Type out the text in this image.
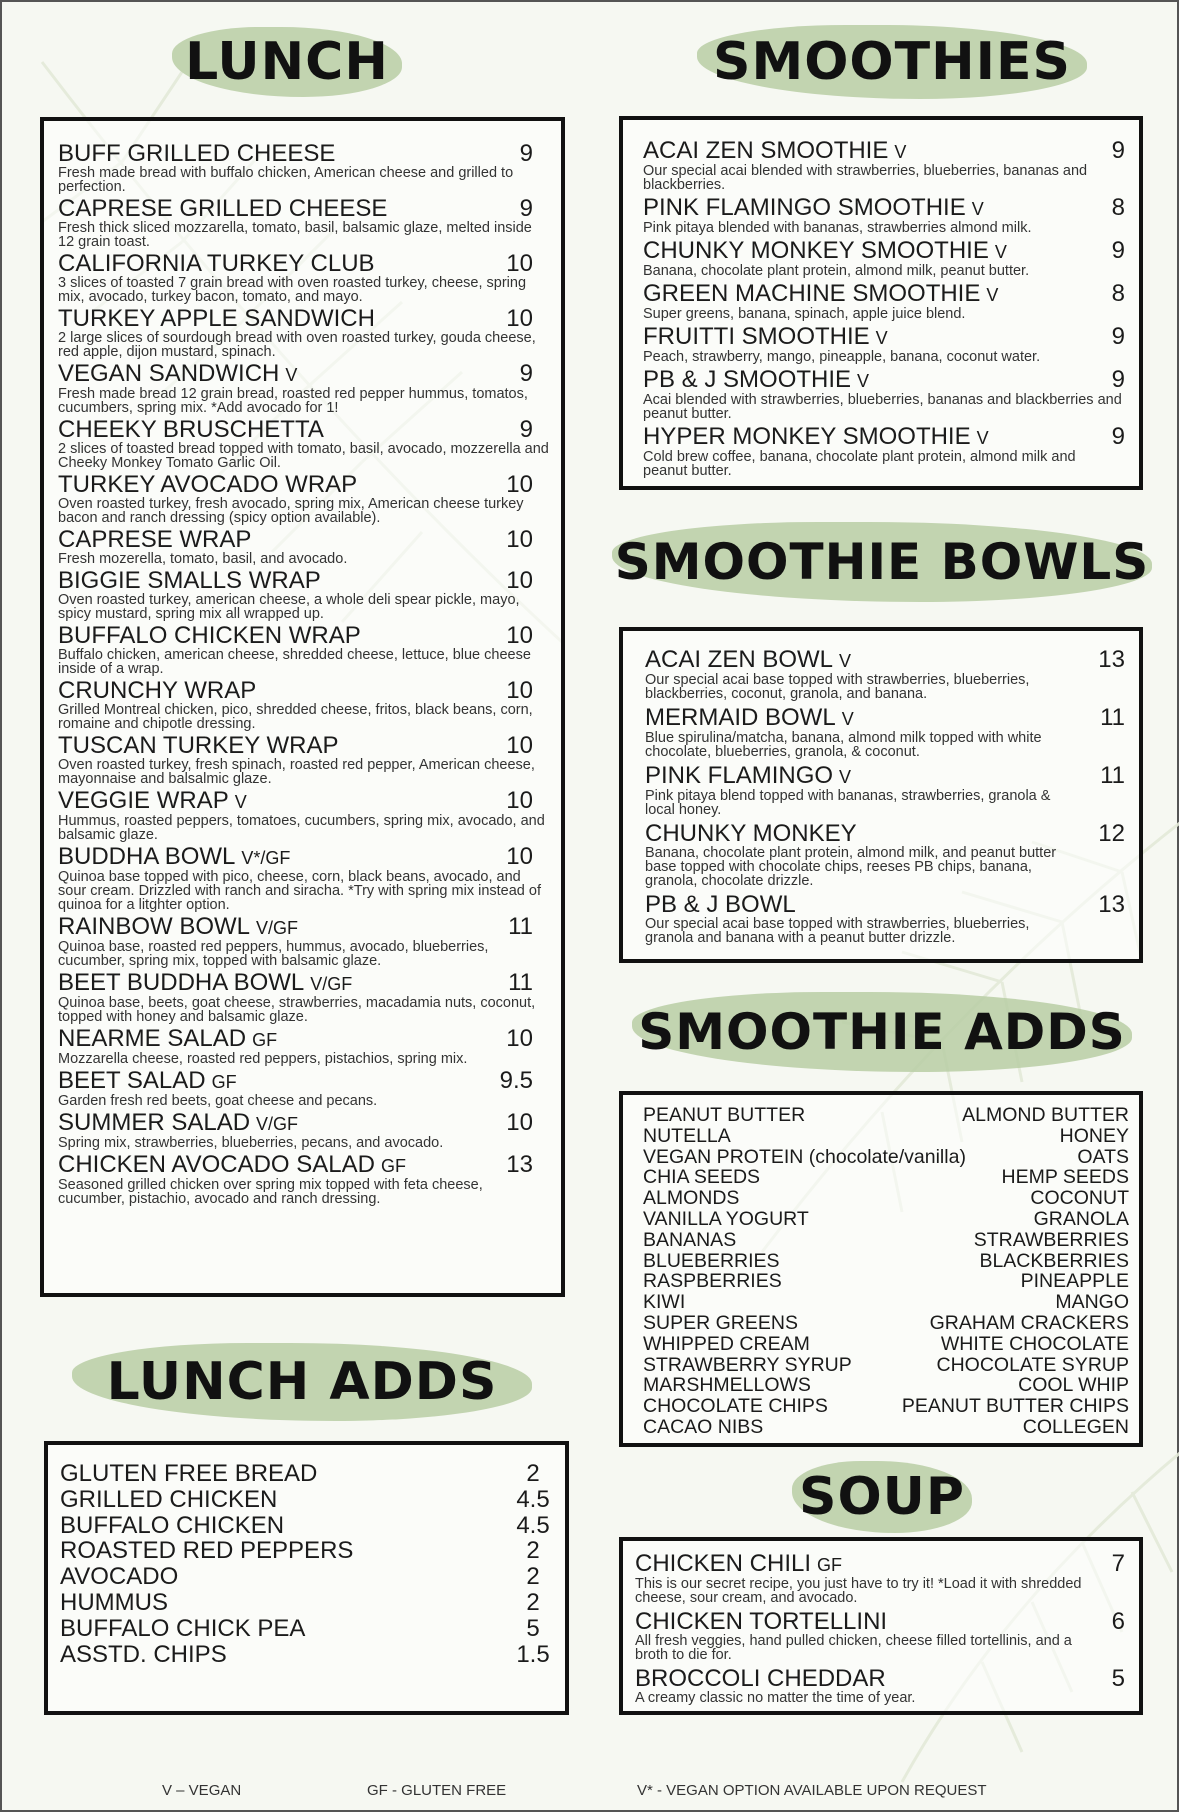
LUNCH
BUFF GRILLED CHEESE	9
Fresh made bread with buffalo chicken, American cheese and grilled to perfection.
CAPRESE GRILLED CHEESE	9
Fresh thick sliced mozzarella, tomato, basil, balsamic glaze, melted inside 12 grain toast.
CALIFORNIA TURKEY CLUB	10
3 slices of toasted 7 grain bread with oven roasted turkey, cheese, spring mix, avocado, turkey bacon, tomato, and mayo.
TURKEY APPLE SANDWICH	10
2 large slices of sourdough bread with oven roasted turkey, gouda cheese, red apple, dijon mustard, spinach.
VEGAN SANDWICH V	9
Fresh made bread 12 grain bread, roasted red pepper hummus, tomatos, cucumbers, spring mix. *Add avocado for 1!
CHEEKY BRUSCHETTA	9
2 slices of toasted bread topped with tomato, basil, avocado, mozzerella and Cheeky Monkey Tomato Garlic Oil.
TURKEY AVOCADO WRAP	10
Oven roasted turkey, fresh avocado, spring mix, American cheese turkey bacon and ranch dressing (spicy option available).
CAPRESE WRAP	10
Fresh mozerella, tomato, basil, and avocado.
BIGGIE SMALLS WRAP	10
Oven roasted turkey, american cheese, a whole deli spear pickle, mayo, spicy mustard, spring mix all wrapped up.
BUFFALO CHICKEN WRAP	10
Buffalo chicken, american cheese, shredded cheese, lettuce, blue cheese inside of a wrap.
CRUNCHY WRAP	10
Grilled Montreal chicken, pico, shredded cheese, fritos, black beans, corn, romaine and chipotle dressing.
TUSCAN TURKEY WRAP	10
Oven roasted turkey, fresh spinach, roasted red pepper, American cheese, mayonnaise and balsalmic glaze.
VEGGIE WRAP V	10
Hummus, roasted peppers, tomatoes, cucumbers, spring mix, avocado, and balsamic glaze.
BUDDHA BOWL V*/GF	10
Quinoa base topped with pico, cheese, corn, black beans, avocado, and sour cream. Drizzled with ranch and siracha. *Try with spring mix instead of quinoa for a litghter option.
RAINBOW BOWL V/GF	11
Quinoa base, roasted red peppers, hummus, avocado, blueberries, cucumber, spring mix, topped with balsamic glaze.
BEET BUDDHA BOWL V/GF	11
Quinoa base, beets, goat cheese, strawberries, macadamia nuts, coconut, topped with honey and balsamic glaze.
NEARME SALAD GF	10
Mozzarella cheese, roasted red peppers, pistachios, spring mix.
BEET SALAD GF	9.5
Garden fresh red beets, goat cheese and pecans.
SUMMER SALAD V/GF	10
Spring mix, strawberries, blueberries, pecans, and avocado.
CHICKEN AVOCADO SALAD GF	13
Seasoned grilled chicken over spring mix topped with feta cheese, cucumber, pistachio, avocado and ranch dressing.
LUNCH ADDS
GLUTEN FREE BREAD	2
GRILLED CHICKEN	4.5
BUFFALO CHICKEN	4.5
ROASTED RED PEPPERS	2
AVOCADO	2
HUMMUS	2
BUFFALO CHICK PEA	5
ASSTD. CHIPS	1.5
SMOOTHIES
ACAI ZEN SMOOTHIE V	9
Our special acai blended with strawberries, blueberries, bananas and blackberries.
PINK FLAMINGO SMOOTHIE V	8
Pink pitaya blended with bananas, strawberries almond milk.
CHUNKY MONKEY SMOOTHIE V	9
Banana, chocolate plant protein, almond milk, peanut butter.
GREEN MACHINE SMOOTHIE V	8
Super greens, banana, spinach, apple juice blend.
FRUITTI SMOOTHIE V	9
Peach, strawberry, mango, pineapple, banana, coconut water.
PB & J SMOOTHIE V	9
Acai blended with strawberries, blueberries, bananas and blackberries and peanut butter.
HYPER MONKEY SMOOTHIE V	9
Cold brew coffee, banana, chocolate plant protein, almond milk and peanut butter.
SMOOTHIE BOWLS
ACAI ZEN BOWL V	13
Our special acai base topped with strawberries, blueberries, blackberries, coconut, granola, and banana.
MERMAID BOWL V	11
Blue spirulina/matcha, banana, almond milk topped with white chocolate, blueberries, granola, & coconut.
PINK FLAMINGO V	11
Pink pitaya blend topped with bananas, strawberries, granola & local honey.
CHUNKY MONKEY	12
Banana, chocolate plant protein, almond milk, and peanut butter base topped with chocolate chips, reeses PB chips, banana, granola, chocolate drizzle.
PB & J BOWL	13
Our special acai base topped with strawberries, blueberries, granola and banana with a peanut butter drizzle.
SMOOTHIE ADDS
PEANUT BUTTER	ALMOND BUTTER
NUTELLA	HONEY
VEGAN PROTEIN (chocolate/vanilla)	OATS
CHIA SEEDS	HEMP SEEDS
ALMONDS	COCONUT
VANILLA YOGURT	GRANOLA
BANANAS	STRAWBERRIES
BLUEBERRIES	BLACKBERRIES
RASPBERRIES	PINEAPPLE
KIWI	MANGO
SUPER GREENS	GRAHAM CRACKERS
WHIPPED CREAM	WHITE CHOCOLATE
STRAWBERRY SYRUP	CHOCOLATE SYRUP
MARSHMELLOWS	COOL WHIP
CHOCOLATE CHIPS	PEANUT BUTTER CHIPS
CACAO NIBS	COLLEGEN
SOUP
CHICKEN CHILI GF	7
This is our secret recipe, you just have to try it! *Load it with shredded cheese, sour cream, and avocado.
CHICKEN TORTELLINI	6
All fresh veggies, hand pulled chicken, cheese filled tortellinis, and a broth to die for.
BROCCOLI CHEDDAR	5
A creamy classic no matter the time of year.
V – VEGAN	GF - GLUTEN FREE	V* - VEGAN OPTION AVAILABLE UPON REQUEST
